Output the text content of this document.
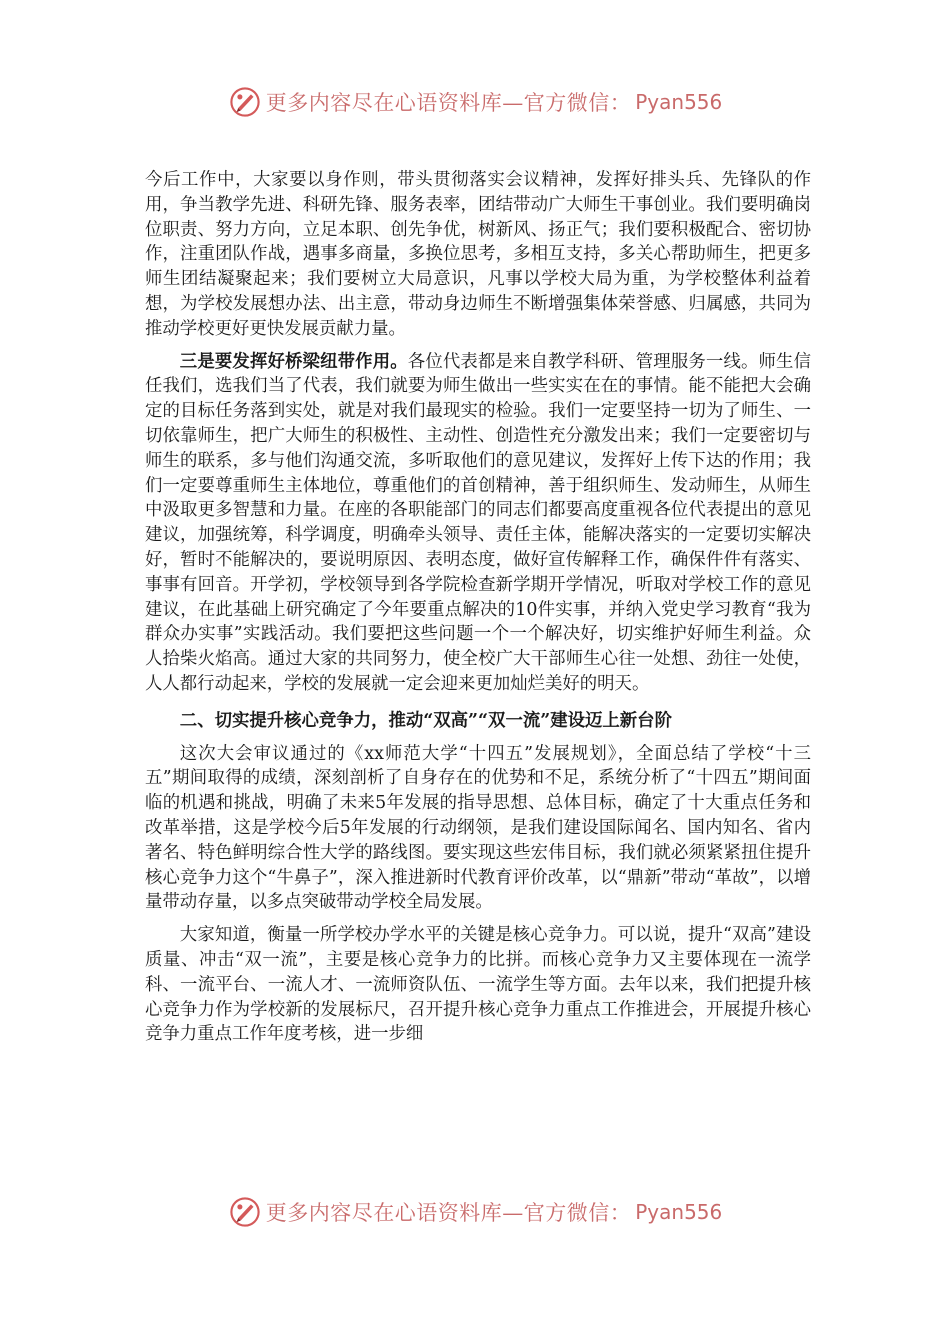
更多内容尽在心语资料库—官方微信： Pyan556

今后工作中，大家要以身作则，带头贯彻落实会议精神，发挥好排头兵、先锋队的作用，争当教学先进、科研先锋、服务表率，团结带动广大师生干事创业。我们要明确岗位职责、努力方向，立足本职、创先争优，树新风、扬正气；我们要积极配合、密切协作，注重团队作战，遇事多商量，多换位思考，多相互支持，多关心帮助师生，把更多师生团结凝聚起来；我们要树立大局意识，凡事以学校大局为重，为学校整体利益着想，为学校发展想办法、出主意，带动身边师生不断增强集体荣誉感、归属感，共同为推动学校更好更快发展贡献力量。

三是要发挥好桥梁纽带作用。各位代表都是来自教学科研、管理服务一线。师生信任我们，选我们当了代表，我们就要为师生做出一些实实在在的事情。能不能把大会确定的目标任务落到实处，就是对我们最现实的检验。我们一定要坚持一切为了师生、一切依靠师生，把广大师生的积极性、主动性、创造性充分激发出来；我们一定要密切与师生的联系，多与他们沟通交流，多听取他们的意见建议，发挥好上传下达的作用；我们一定要尊重师生主体地位，尊重他们的首创精神，善于组织师生、发动师生，从师生中汲取更多智慧和力量。在座的各职能部门的同志们都要高度重视各位代表提出的意见建议，加强统筹，科学调度，明确牵头领导、责任主体，能解决落实的一定要切实解决好，暂时不能解决的，要说明原因、表明态度，做好宣传解释工作，确保件件有落实、事事有回音。开学初，学校领导到各学院检查新学期开学情况，听取对学校工作的意见建议，在此基础上研究确定了今年要重点解决的10件实事，并纳入党史学习教育“我为群众办实事”实践活动。我们要把这些问题一个一个解决好，切实维护好师生利益。众人拾柴火焰高。通过大家的共同努力，使全校广大干部师生心往一处想、劲往一处使，人人都行动起来，学校的发展就一定会迎来更加灿烂美好的明天。

二、切实提升核心竞争力，推动“双高”“双一流”建设迈上新台阶

这次大会审议通过的《xx师范大学“十四五”发展规划》，全面总结了学校“十三五”期间取得的成绩，深刻剖析了自身存在的优势和不足，系统分析了“十四五”期间面临的机遇和挑战，明确了未来5年发展的指导思想、总体目标，确定了十大重点任务和改革举措，这是学校今后5年发展的行动纲领，是我们建设国际闻名、国内知名、省内著名、特色鲜明综合性大学的路线图。要实现这些宏伟目标，我们就必须紧紧扭住提升核心竞争力这个“牛鼻子”，深入推进新时代教育评价改革，以“鼎新”带动“革故”，以增量带动存量，以多点突破带动学校全局发展。

大家知道，衡量一所学校办学水平的关键是核心竞争力。可以说，提升“双高”建设质量、冲击“双一流”，主要是核心竞争力的比拼。而核心竞争力又主要体现在一流学科、一流平台、一流人才、一流师资队伍、一流学生等方面。去年以来，我们把提升核心竞争力作为学校新的发展标尺，召开提升核心竞争力重点工作推进会，开展提升核心竞争力重点工作年度考核，进一步细

更多内容尽在心语资料库—官方微信： Pyan556
